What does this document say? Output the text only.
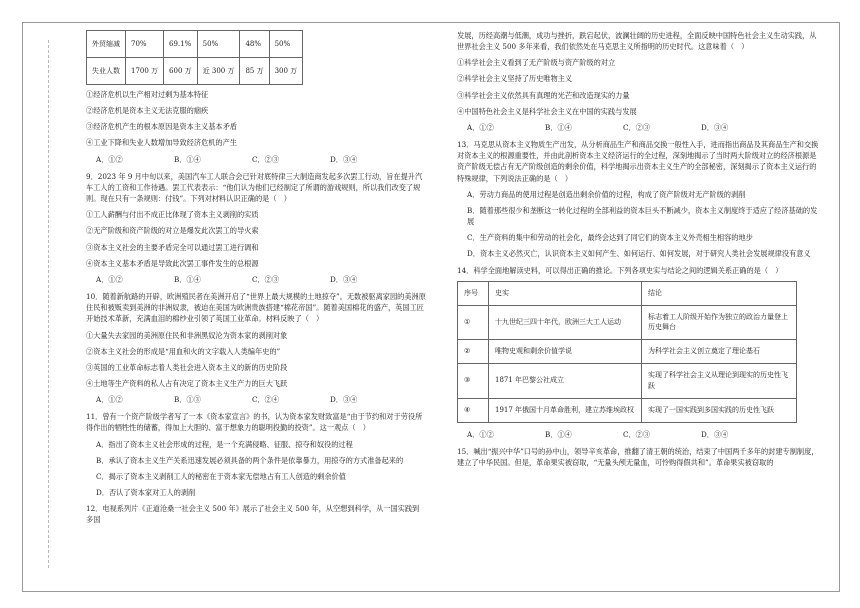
外贸缩减	70%	69.1%	50%	48%	50%
失业人数	1700 万	600 万	近 300 万	85 万	300 万
①经济危机以生产相对过剩为基本特征
②经济危机是资本主义无法克服的痼疾
③经济危机产生的根本原因是资本主义基本矛盾
④工业下降和失业人数增加导致经济危机的产生
A．①②	B．①④	C．②③	D．③④
9．2023 年 9 月中旬以来，美国汽车工人联合会已针对底特律三大制造商发起多次罢工行动，旨在提升汽车工人的工资和工作待遇。罢工代表表示：“他们认为他们已经制定了所谓的游戏规则，所以我们改变了规则。现在只有一条规则：付钱”。下列对材料认识正确的是（　）
①工人薪酬与付出不成正比体现了资本主义剥削的实质
②无产阶级和资产阶级的对立是爆发此次罢工的导火索
③资本主义社会的主要矛盾完全可以通过罢工进行调和
④资本主义基本矛盾是导致此次罢工事件发生的总根源
A．①②	B．①④	C．②③	D．③④
10．随着新航路的开辟，欧洲殖民者在美洲开启了“世界上最大规模的土地掠夺”。无数被驱离家园的美洲原住民和被贩卖到美洲的非洲奴隶，被迫在美国为欧洲贵族搭建“棉花帝国”。随着美国棉花的盛产，英国工匠开始技术革新，充满血泪的棉纱业引领了英国工业革命。材料反映了（　）
①大量失去家园的美洲原住民和非洲黑奴沦为资本家的剥削对象
②资本主义社会的形成是“用血和火的文字载入人类编年史的”
③英国的工业革命标志着人类社会进入资本主义的新的历史阶段
④土地等生产资料的私人占有决定了资本主义生产力的巨大飞跃
A．①②	B．①③	C．②④	D．③④
11．曾有一个资产阶级学者写了一本《资本家宣言》的书，认为资本家发财致富是“由于节约和对于劳役所得作出的牺牲性的储蓄，得加上大胆的、富于想象力的聪明投勤的投资”。这一观点（　）
A．指出了资本主义社会形成的过程，是一个充满侵略、征服、掠夺和奴役的过程
B．承认了资本主义生产关系迅速发展必须具备的两个条件是依靠暴力，用掠夺的方式准备起来的
C．揭示了资本主义剥削工人的秘密在于资本家无偿地占有工人创造的剩余价值
D．否认了资本家对工人的剥削
12．电视系列片《正道沧桑一社会主义 500 年》展示了社会主义 500 年，从空想到科学，从一国实践到多国
发展，历经高潮与低潮，成功与挫折，跌宕起伏，波澜壮阔的历史进程，全面反映中国特色社会主义生动实践，从世界社会主义 500 多年来看，我们依然处在马克思主义所指明的历史时代。这意味着（　）
①科学社会主义看到了无产阶级与资产阶级的对立
②科学社会主义坚持了历史唯物主义
③科学社会主义依然具有真理的光芒和改造现实的力量
④中国特色社会主义是科学社会主义在中国的实践与发展
A．①②	B．①④	C．②③	D．③④
13．马克思从资本主义物质生产出发，从分析商品生产和商品交换一般性入手，进而指出商品及其商品生产和交换对资本主义的根源重要性，并由此剖析资本主义经济运行的全过程，深刻地揭示了当时两大阶级对立的经济根源是资产阶级无偿占有无产阶级创造的剩余价值，科学地揭示出资本主义生产的全部秘密，深刻揭示了资本主义运行的特殊规律，下列说法正确的是（　）
A．劳动力商品的使用过程是创造出剩余价值的过程，构成了资产阶级对无产阶级的剥削
B．随着那些很少和垄断这一转化过程的全部利益的资本巨头不断减少，资本主义制度终于适应了经济基础的发展
C．生产资料的集中和劳动的社会化，最终会达到了同它们的资本主义外壳相生相容的地步
D．资本主义必然灭亡，认识资本主义如何产生、如何运行、如何发展，对于研究人类社会发展规律没有意义
14．科学全面地解读史料，可以得出正确的推论。下列各项史实与结论之间的逻辑关系正确的是（　）
序号	史实	结论
①	十九世纪三四十年代，欧洲三大工人运动	标志着工人阶级开始作为独立的政治力量登上历史舞台
②	唯物史观和剩余价值学说	为科学社会主义创立奠定了理论基石
③	1871 年巴黎公社成立	实现了科学社会主义从理论到现实的历史性飞跃
④	1917 年俄国十月革命胜利，建立苏维埃政权	实现了一国实践到多国实践的历史性飞跃
A．①②	B．①④	C．②③	D．③④
15．喊出“振兴中华”口号的孙中山，领导辛亥革命，推翻了清王朝的统治，结束了中国两千多年的封建专制制度，建立了中华民国。但是，革命果实被窃取，“无量头颅无量血，可怜购得假共和”。革命果实被窃取的
